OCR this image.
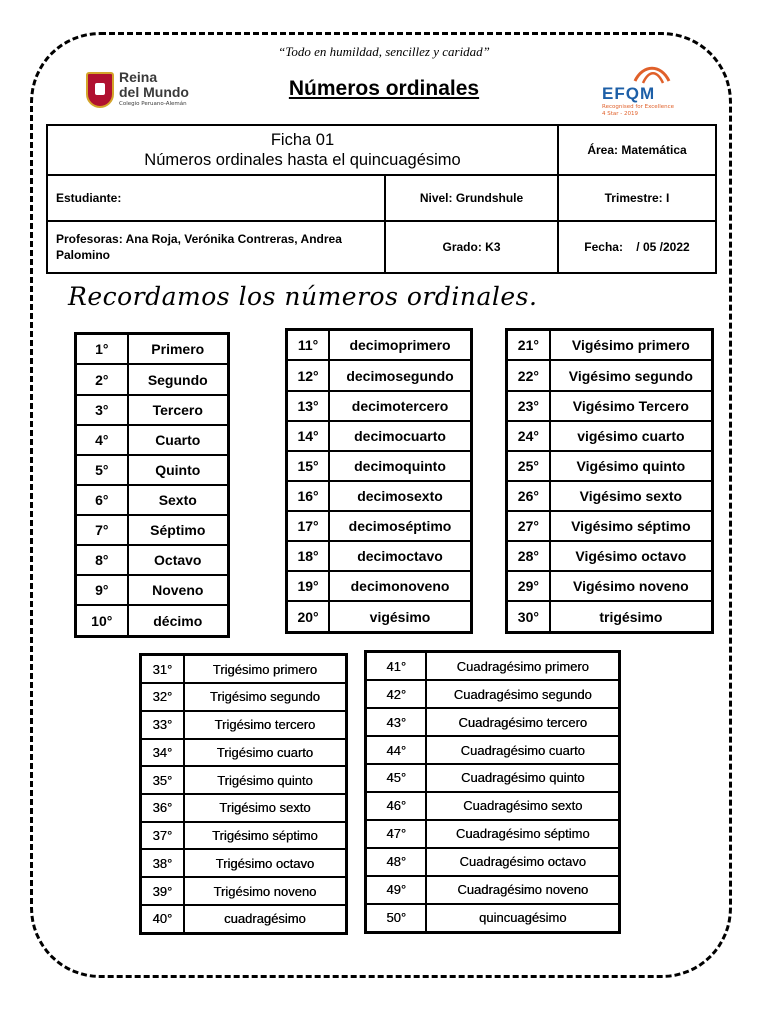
“Todo en humildad, sencillez y caridad”
Reina
del Mundo
Colegio Peruano-Alemán
Números ordinales	EFQM
Recognised for Excellence
4 Star - 2019
Ficha 01
Números ordinales hasta el quincuagésimo		Área: Matemática
Estudiante:	Nivel: Grundshule	Trimestre: I
Profesoras: Ana Roja, Verónika Contreras, Andrea Palomino	Grado: K3	Fecha:    / 05 /2022
Recordamos los números ordinales.
1°	Primero
2°	Segundo
3°	Tercero
4°	Cuarto
5°	Quinto
6°	Sexto
7°	Séptimo
8°	Octavo
9°	Noveno
10°	décimo
11°	decimoprimero
12°	decimosegundo
13°	decimotercero
14°	decimocuarto
15°	decimoquinto
16°	decimosexto
17°	decimoséptimo
18°	decimoctavo
19°	decimonoveno
20°	vigésimo
21°	Vigésimo primero
22°	Vigésimo segundo
23°	Vigésimo Tercero
24°	vigésimo cuarto
25°	Vigésimo quinto
26°	Vigésimo sexto
27°	Vigésimo séptimo
28°	Vigésimo octavo
29°	Vigésimo noveno
30°	trigésimo
31°	Trigésimo primero
32°	Trigésimo segundo
33°	Trigésimo tercero
34°	Trigésimo cuarto
35°	Trigésimo quinto
36°	Trigésimo sexto
37°	Trigésimo séptimo
38°	Trigésimo octavo
39°	Trigésimo noveno
40°	cuadragésimo
41°	Cuadragésimo primero
42°	Cuadragésimo segundo
43°	Cuadragésimo tercero
44°	Cuadragésimo cuarto
45°	Cuadragésimo quinto
46°	Cuadragésimo sexto
47°	Cuadragésimo séptimo
48°	Cuadragésimo octavo
49°	Cuadragésimo noveno
50°	quincuagésimo
